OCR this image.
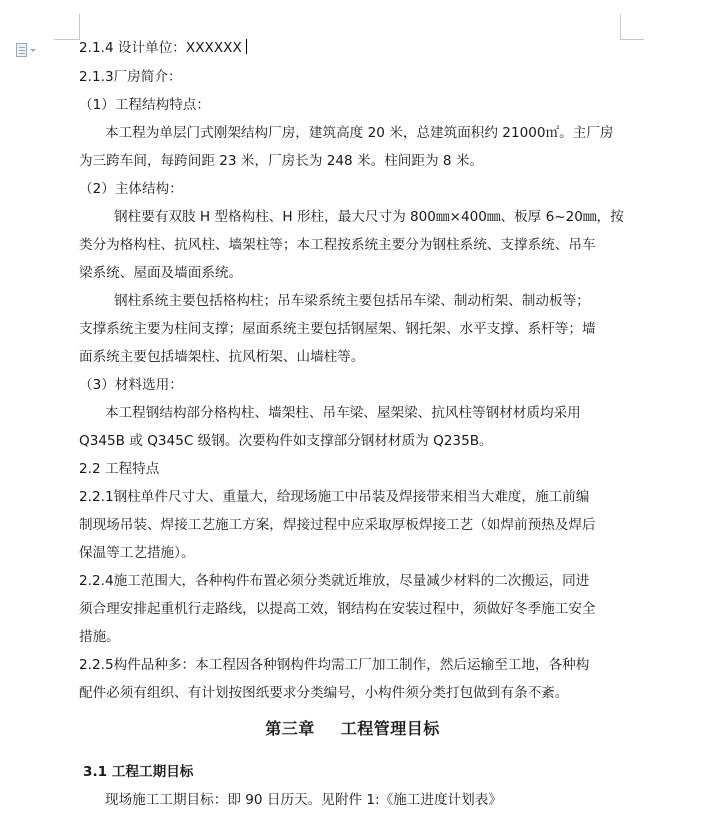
2.1.4 设计单位：XXXXXX
2.1.3厂房简介：
（1）工程结构特点：
本工程为单层门式刚架结构厂房，建筑高度 20 米，总建筑面积约 21000㎡。主厂房
为三跨车间，每跨间距 23 米，厂房长为 248 米。柱间距为 8 米。
（2）主体结构：
钢柱要有双肢 H 型格构柱、H 形柱，最大尺寸为 800㎜×400㎜、板厚 6~20㎜，按
类分为格构柱、抗风柱、墙架柱等；本工程按系统主要分为钢柱系统、支撑系统、吊车
梁系统、屋面及墙面系统。
钢柱系统主要包括格构柱；吊车梁系统主要包括吊车梁、制动桁架、制动板等；
支撑系统主要为柱间支撑；屋面系统主要包括钢屋架、钢托架、水平支撑、系杆等；墙
面系统主要包括墙架柱、抗风桁架、山墙柱等。
（3）材料选用：
本工程钢结构部分格构柱、墙架柱、吊车梁、屋架梁、抗风柱等钢材材质均采用
Q345B 或 Q345C 级钢。次要构件如支撑部分钢材材质为 Q235B。
2.2 工程特点
2.2.1钢柱单件尺寸大、重量大，给现场施工中吊装及焊接带来相当大难度，施工前编
制现场吊装、焊接工艺施工方案，焊接过程中应采取厚板焊接工艺（如焊前预热及焊后
保温等工艺措施）。
2.2.4施工范围大，各种构件布置必须分类就近堆放，尽量减少材料的二次搬运，同进
须合理安排起重机行走路线，以提高工效，钢结构在安装过程中，须做好冬季施工安全
措施。
2.2.5构件品种多：本工程因各种钢构件均需工厂加工制作，然后运输至工地，各种构
配件必须有组织、有计划按图纸要求分类编号，小构件须分类打包做到有条不紊。
第三章 工程管理目标
3.1 工程工期目标
现场施工工期目标：即 90 日历天。见附件 1:《施工进度计划表》
